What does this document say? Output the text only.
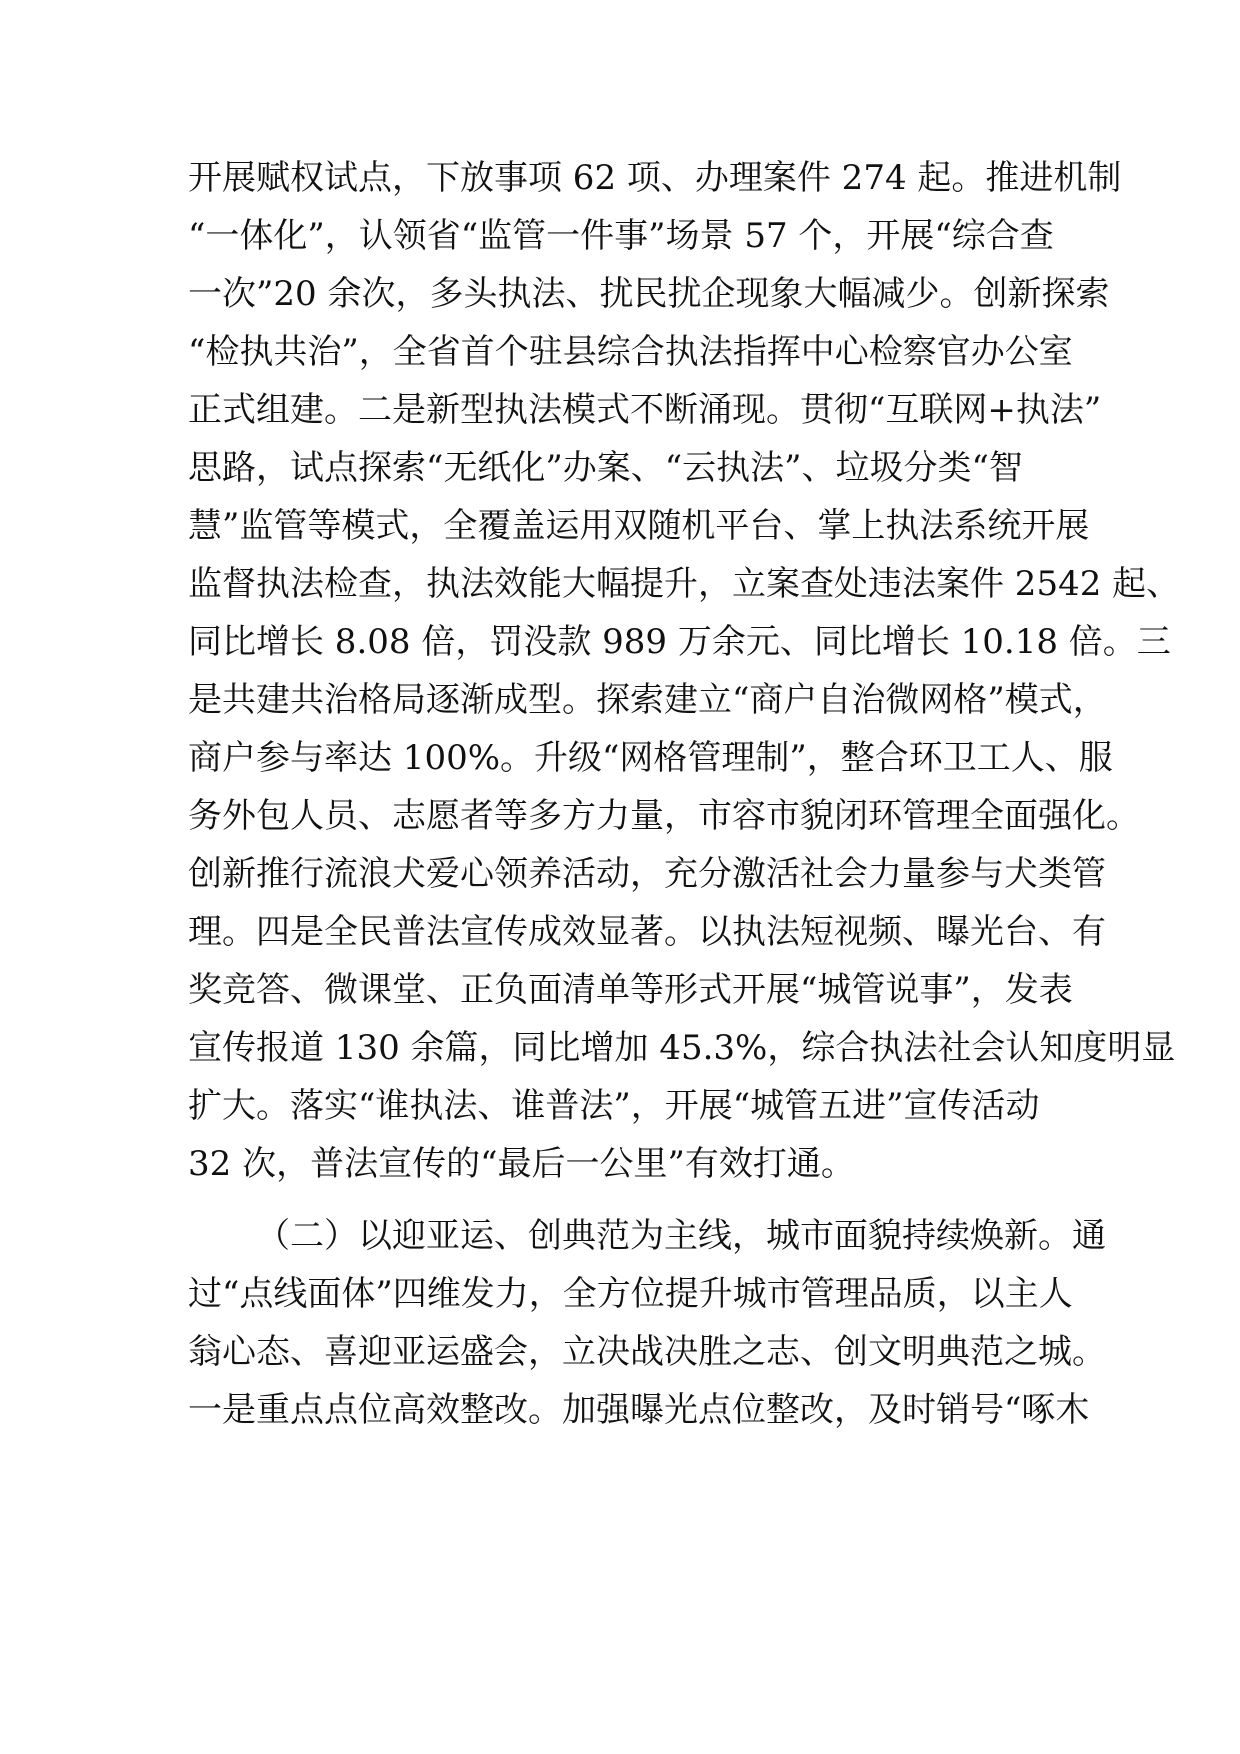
开展赋权试点，下放事项 62 项、办理案件 274 起。推进机制
“一体化”，认领省“监管一件事”场景 57 个，开展“综合查
一次”20 余次，多头执法、扰民扰企现象大幅减少。创新探索
“检执共治”，全省首个驻县综合执法指挥中心检察官办公室
正式组建。二是新型执法模式不断涌现。贯彻“互联网+执法”
思路，试点探索“无纸化”办案、“云执法”、垃圾分类“智
慧”监管等模式，全覆盖运用双随机平台、掌上执法系统开展
监督执法检查，执法效能大幅提升，立案查处违法案件 2542 起、
同比增长 8.08 倍，罚没款 989 万余元、同比增长 10.18 倍。三
是共建共治格局逐渐成型。探索建立“商户自治微网格”模式，
商户参与率达 100%。升级“网格管理制”，整合环卫工人、服
务外包人员、志愿者等多方力量，市容市貌闭环管理全面强化。
创新推行流浪犬爱心领养活动，充分激活社会力量参与犬类管
理。四是全民普法宣传成效显著。以执法短视频、曝光台、有
奖竞答、微课堂、正负面清单等形式开展“城管说事”，发表
宣传报道 130 余篇，同比增加 45.3%，综合执法社会认知度明显
扩大。落实“谁执法、谁普法”，开展“城管五进”宣传活动
32 次，普法宣传的“最后一公里”有效打通。
（二）以迎亚运、创典范为主线，城市面貌持续焕新。通
过“点线面体”四维发力，全方位提升城市管理品质，以主人
翁心态、喜迎亚运盛会，立决战决胜之志、创文明典范之城。
一是重点点位高效整改。加强曝光点位整改，及时销号“啄木
